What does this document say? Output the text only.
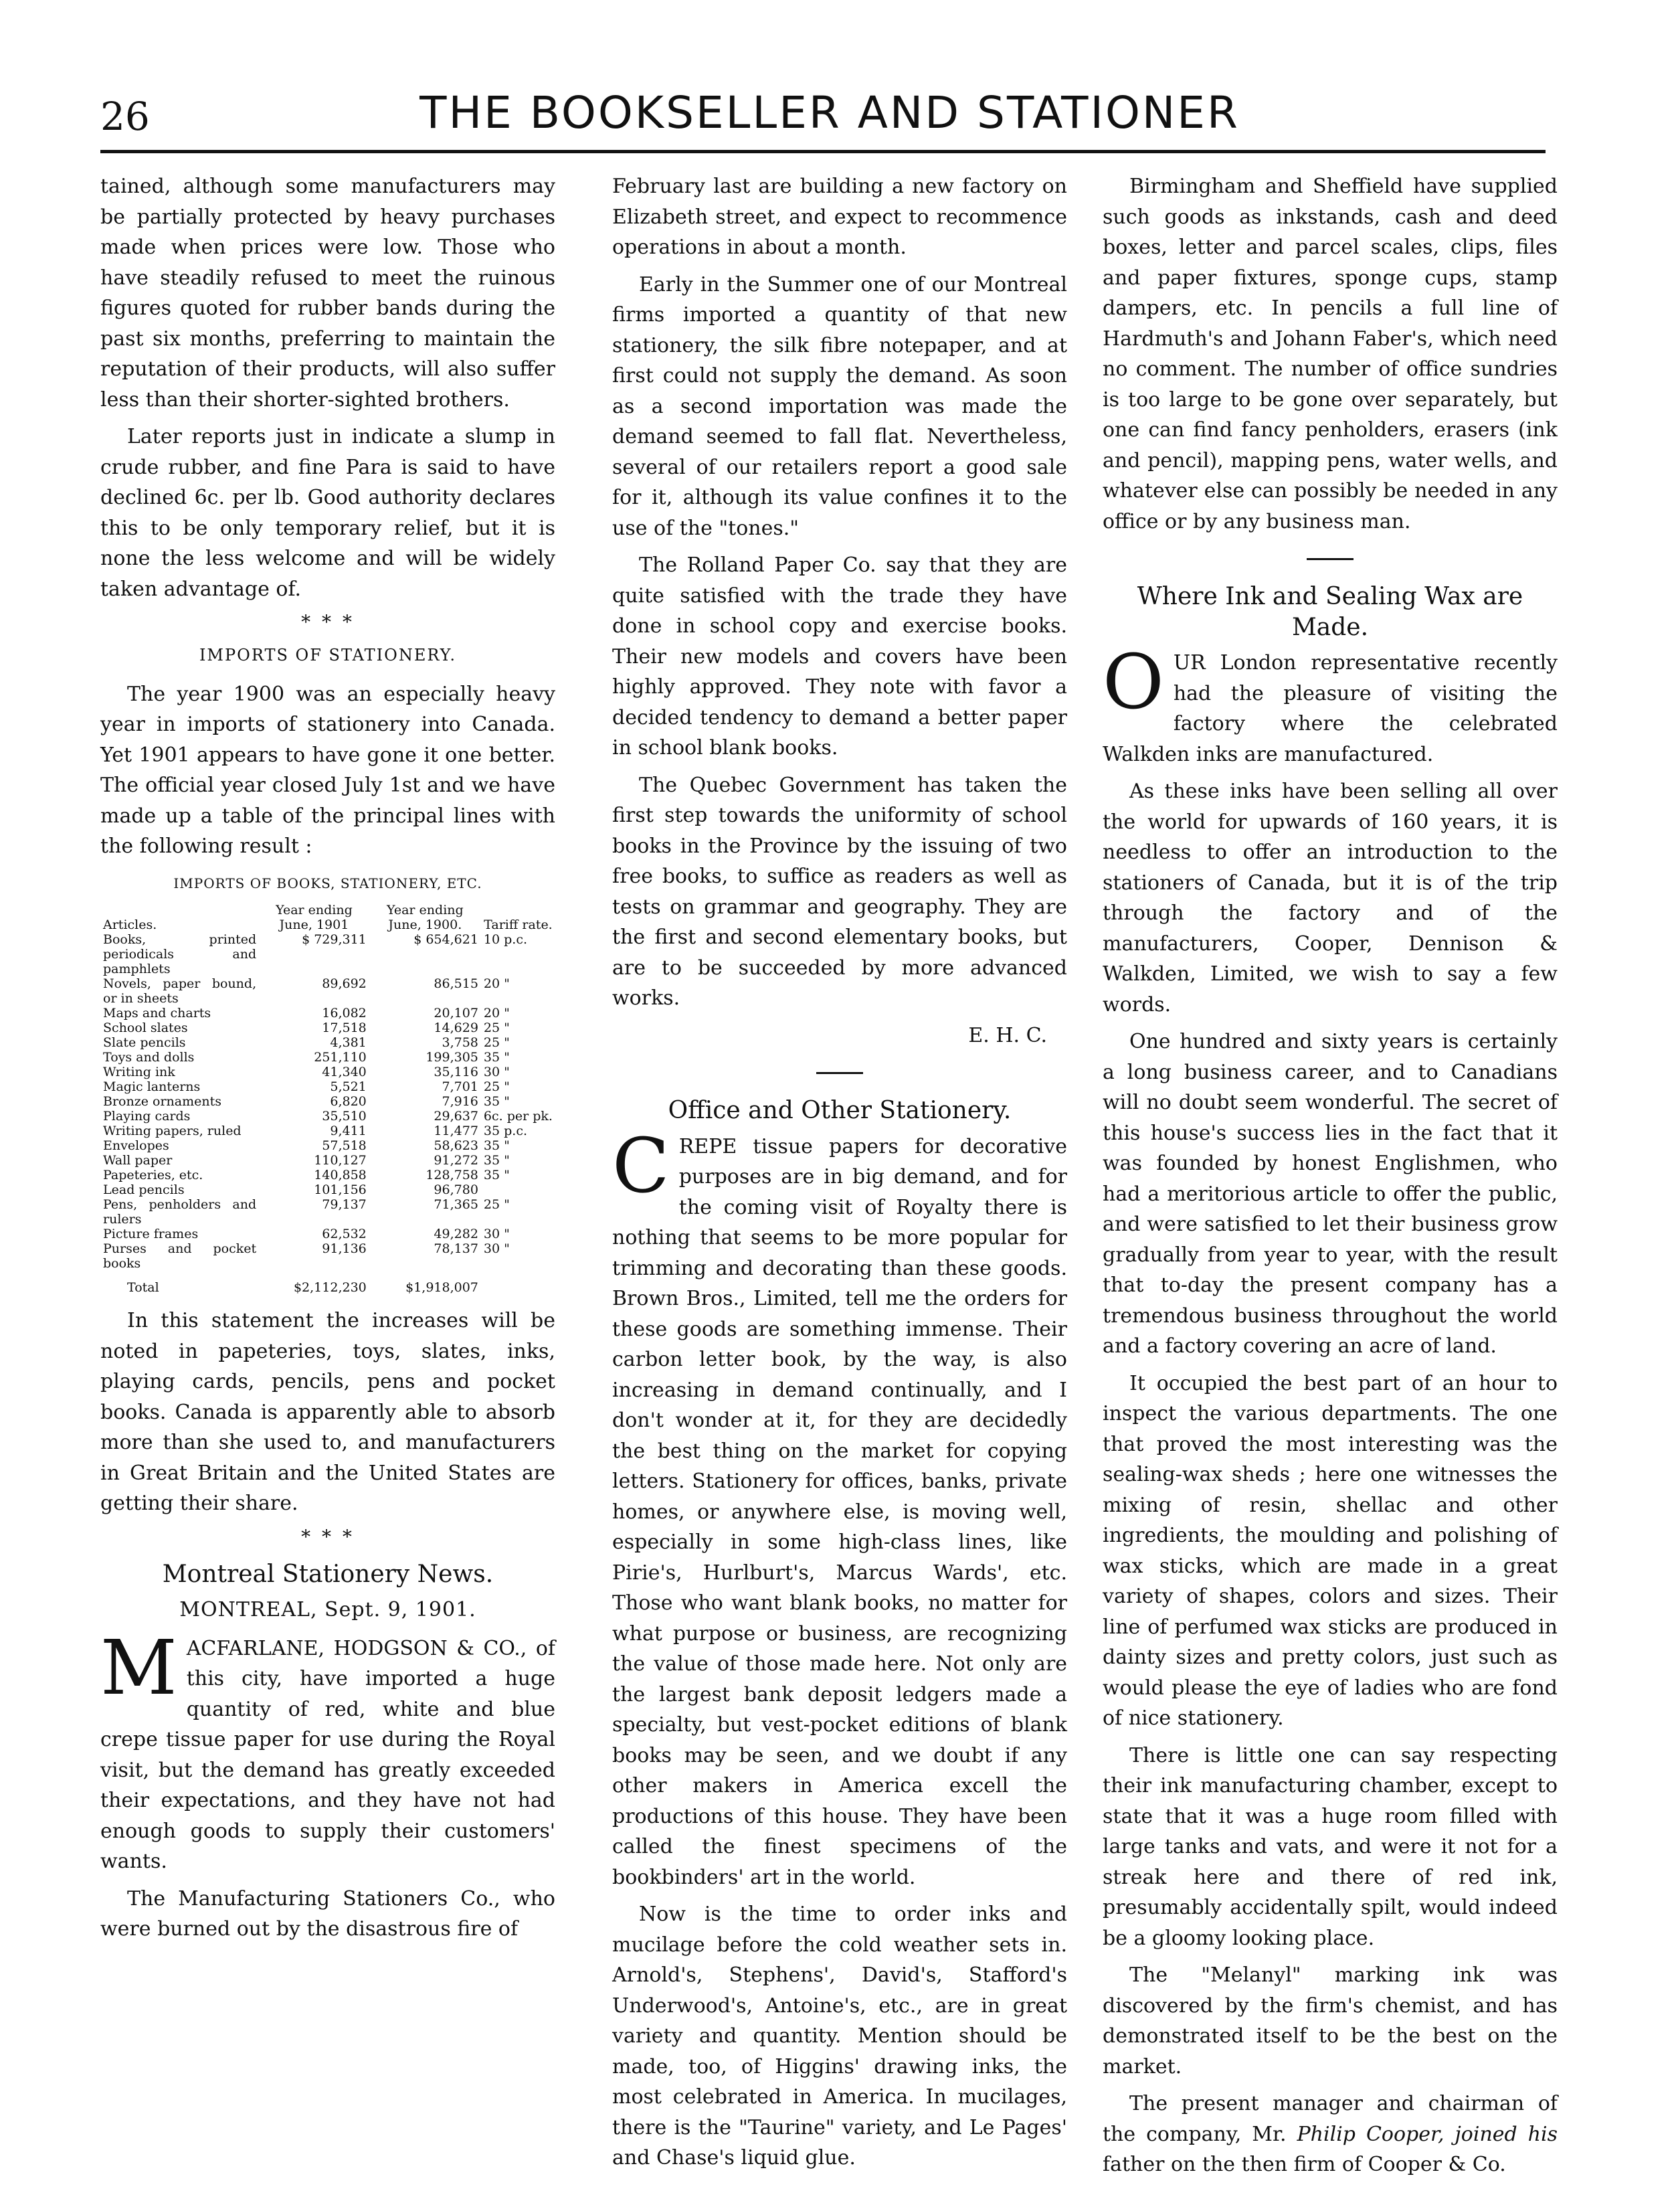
26	THE BOOKSELLER AND STATIONER

tained, although some manufacturers may be partially protected by heavy purchases made when prices were low. Those who have steadily refused to meet the ruinous figures quoted for rubber bands during the past six months, preferring to maintain the reputation of their products, will also suffer less than their shorter-sighted brothers.

Later reports just in indicate a slump in crude rubber, and fine Para is said to have declined 6c. per lb. Good authority declares this to be only temporary relief, but it is none the less welcome and will be widely taken advantage of.

* * *
IMPORTS OF STATIONERY.

The year 1900 was an especially heavy year in imports of stationery into Canada. Yet 1901 appears to have gone it one better. The official year closed July 1st and we have made up a table of the principal lines with the following result :

IMPORTS OF BOOKS, STATIONERY, ETC.
Articles.	Year ending June, 1901	Year ending June, 1900.	Tariff rate.
Books, printed periodicals and pamphlets	$ 729,311	$ 654,621	10 p.c.
Novels, paper bound, or in sheets	89,692	86,515	20 "
Maps and charts	16,082	20,107	20 "
School slates	17,518	14,629	25 "
Slate pencils	4,381	3,758	25 "
Toys and dolls	251,110	199,305	35 "
Writing ink	41,340	35,116	30 "
Magic lanterns	5,521	7,701	25 "
Bronze ornaments	6,820	7,916	35 "
Playing cards	35,510	29,637	6c. per pk.
Writing papers, ruled	9,411	11,477	35 p.c.
Envelopes	57,518	58,623	35 "
Wall paper	110,127	91,272	35 "
Papeteries, etc.	140,858	128,758	35 "
Lead pencils	101,156	96,780	
Pens, penholders and rulers	79,137	71,365	25 "
Picture frames	62,532	49,282	30 "
Purses and pocket books	91,136	78,137	30 "
Total	$2,112,230	$1,918,007	

In this statement the increases will be noted in papeteries, toys, slates, inks, playing cards, pencils, pens and pocket books. Canada is apparently able to absorb more than she used to, and manufacturers in Great Britain and the United States are getting their share.

* * *
Montreal Stationery News.
MONTREAL, Sept. 9, 1901.

MACFARLANE, HODGSON & CO., of this city, have imported a huge quantity of red, white and blue crepe tissue paper for use during the Royal visit, but the demand has greatly exceeded their expectations, and they have not had enough goods to supply their customers' wants.

The Manufacturing Stationers Co., who were burned out by the disastrous fire of

February last are building a new factory on Elizabeth street, and expect to recommence operations in about a month.

Early in the Summer one of our Montreal firms imported a quantity of that new stationery, the silk fibre notepaper, and at first could not supply the demand. As soon as a second importation was made the demand seemed to fall flat. Nevertheless, several of our retailers report a good sale for it, although its value confines it to the use of the "tones."

The Rolland Paper Co. say that they are quite satisfied with the trade they have done in school copy and exercise books. Their new models and covers have been highly approved. They note with favor a decided tendency to demand a better paper in school blank books.

The Quebec Government has taken the first step towards the uniformity of school books in the Province by the issuing of two free books, to suffice as readers as well as tests on grammar and geography. They are the first and second elementary books, but are to be succeeded by more advanced works.

E. H. C.
Office and Other Stationery.

CREPE tissue papers for decorative purposes are in big demand, and for the coming visit of Royalty there is nothing that seems to be more popular for trimming and decorating than these goods. Brown Bros., Limited, tell me the orders for these goods are something immense. Their carbon letter book, by the way, is also increasing in demand continually, and I don't wonder at it, for they are decidedly the best thing on the market for copying letters. Stationery for offices, banks, private homes, or anywhere else, is moving well, especially in some high-class lines, like Pirie's, Hurlburt's, Marcus Wards', etc. Those who want blank books, no matter for what purpose or business, are recognizing the value of those made here. Not only are the largest bank deposit ledgers made a specialty, but vest-pocket editions of blank books may be seen, and we doubt if any other makers in America excell the productions of this house. They have been called the finest specimens of the bookbinders' art in the world.

Now is the time to order inks and mucilage before the cold weather sets in. Arnold's, Stephens', David's, Stafford's Underwood's, Antoine's, etc., are in great variety and quantity. Mention should be made, too, of Higgins' drawing inks, the most celebrated in America. In mucilages, there is the "Taurine" variety, and Le Pages' and Chase's liquid glue.

Birmingham and Sheffield have supplied such goods as inkstands, cash and deed boxes, letter and parcel scales, clips, files and paper fixtures, sponge cups, stamp dampers, etc. In pencils a full line of Hardmuth's and Johann Faber's, which need no comment. The number of office sundries is too large to be gone over separately, but one can find fancy penholders, erasers (ink and pencil), mapping pens, water wells, and whatever else can possibly be needed in any office or by any business man.

Where Ink and Sealing Wax are Made.

OUR London representative recently had the pleasure of visiting the factory where the celebrated Walkden inks are manufactured.

As these inks have been selling all over the world for upwards of 160 years, it is needless to offer an introduction to the stationers of Canada, but it is of the trip through the factory and of the manufacturers, Cooper, Dennison & Walkden, Limited, we wish to say a few words.

One hundred and sixty years is certainly a long business career, and to Canadians will no doubt seem wonderful. The secret of this house's success lies in the fact that it was founded by honest Englishmen, who had a meritorious article to offer the public, and were satisfied to let their business grow gradually from year to year, with the result that to-day the present company has a tremendous business throughout the world and a factory covering an acre of land.

It occupied the best part of an hour to inspect the various departments. The one that proved the most interesting was the sealing-wax sheds ; here one witnesses the mixing of resin, shellac and other ingredients, the moulding and polishing of wax sticks, which are made in a great variety of shapes, colors and sizes. Their line of perfumed wax sticks are produced in dainty sizes and pretty colors, just such as would please the eye of ladies who are fond of nice stationery.

There is little one can say respecting their ink manufacturing chamber, except to state that it was a huge room filled with large tanks and vats, and were it not for a streak here and there of red ink, presumably accidentally spilt, would indeed be a gloomy looking place.

The "Melanyl" marking ink was discovered by the firm's chemist, and has demonstrated itself to be the best on the market.

The present manager and chairman of the company, Mr. Philip Cooper, joined his father on the then firm of Cooper & Co.
